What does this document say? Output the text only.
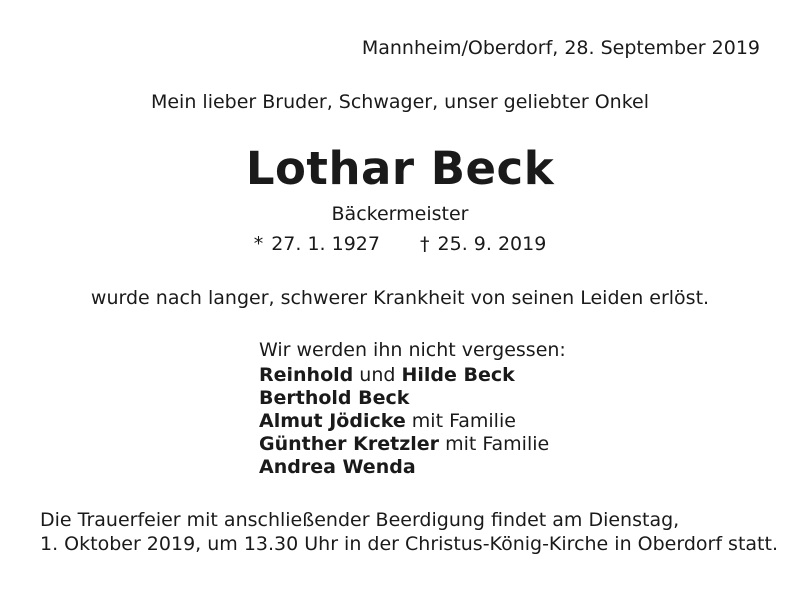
Mannheim/Oberdorf, 28. September 2019
Mein lieber Bruder, Schwager, unser geliebter Onkel
Lothar Beck
Bäckermeister
* 27. 1. 1927 † 25. 9. 2019
wurde nach langer, schwerer Krankheit von seinen Leiden erlöst.
Wir werden ihn nicht vergessen:
Reinhold und Hilde Beck
Berthold Beck
Almut Jödicke mit Familie
Günther Kretzler mit Familie
Andrea Wenda
Die Trauerfeier mit anschließender Beerdigung findet am Dienstag,
1. Oktober 2019, um 13.30 Uhr in der Christus-König-Kirche in Oberdorf statt.
